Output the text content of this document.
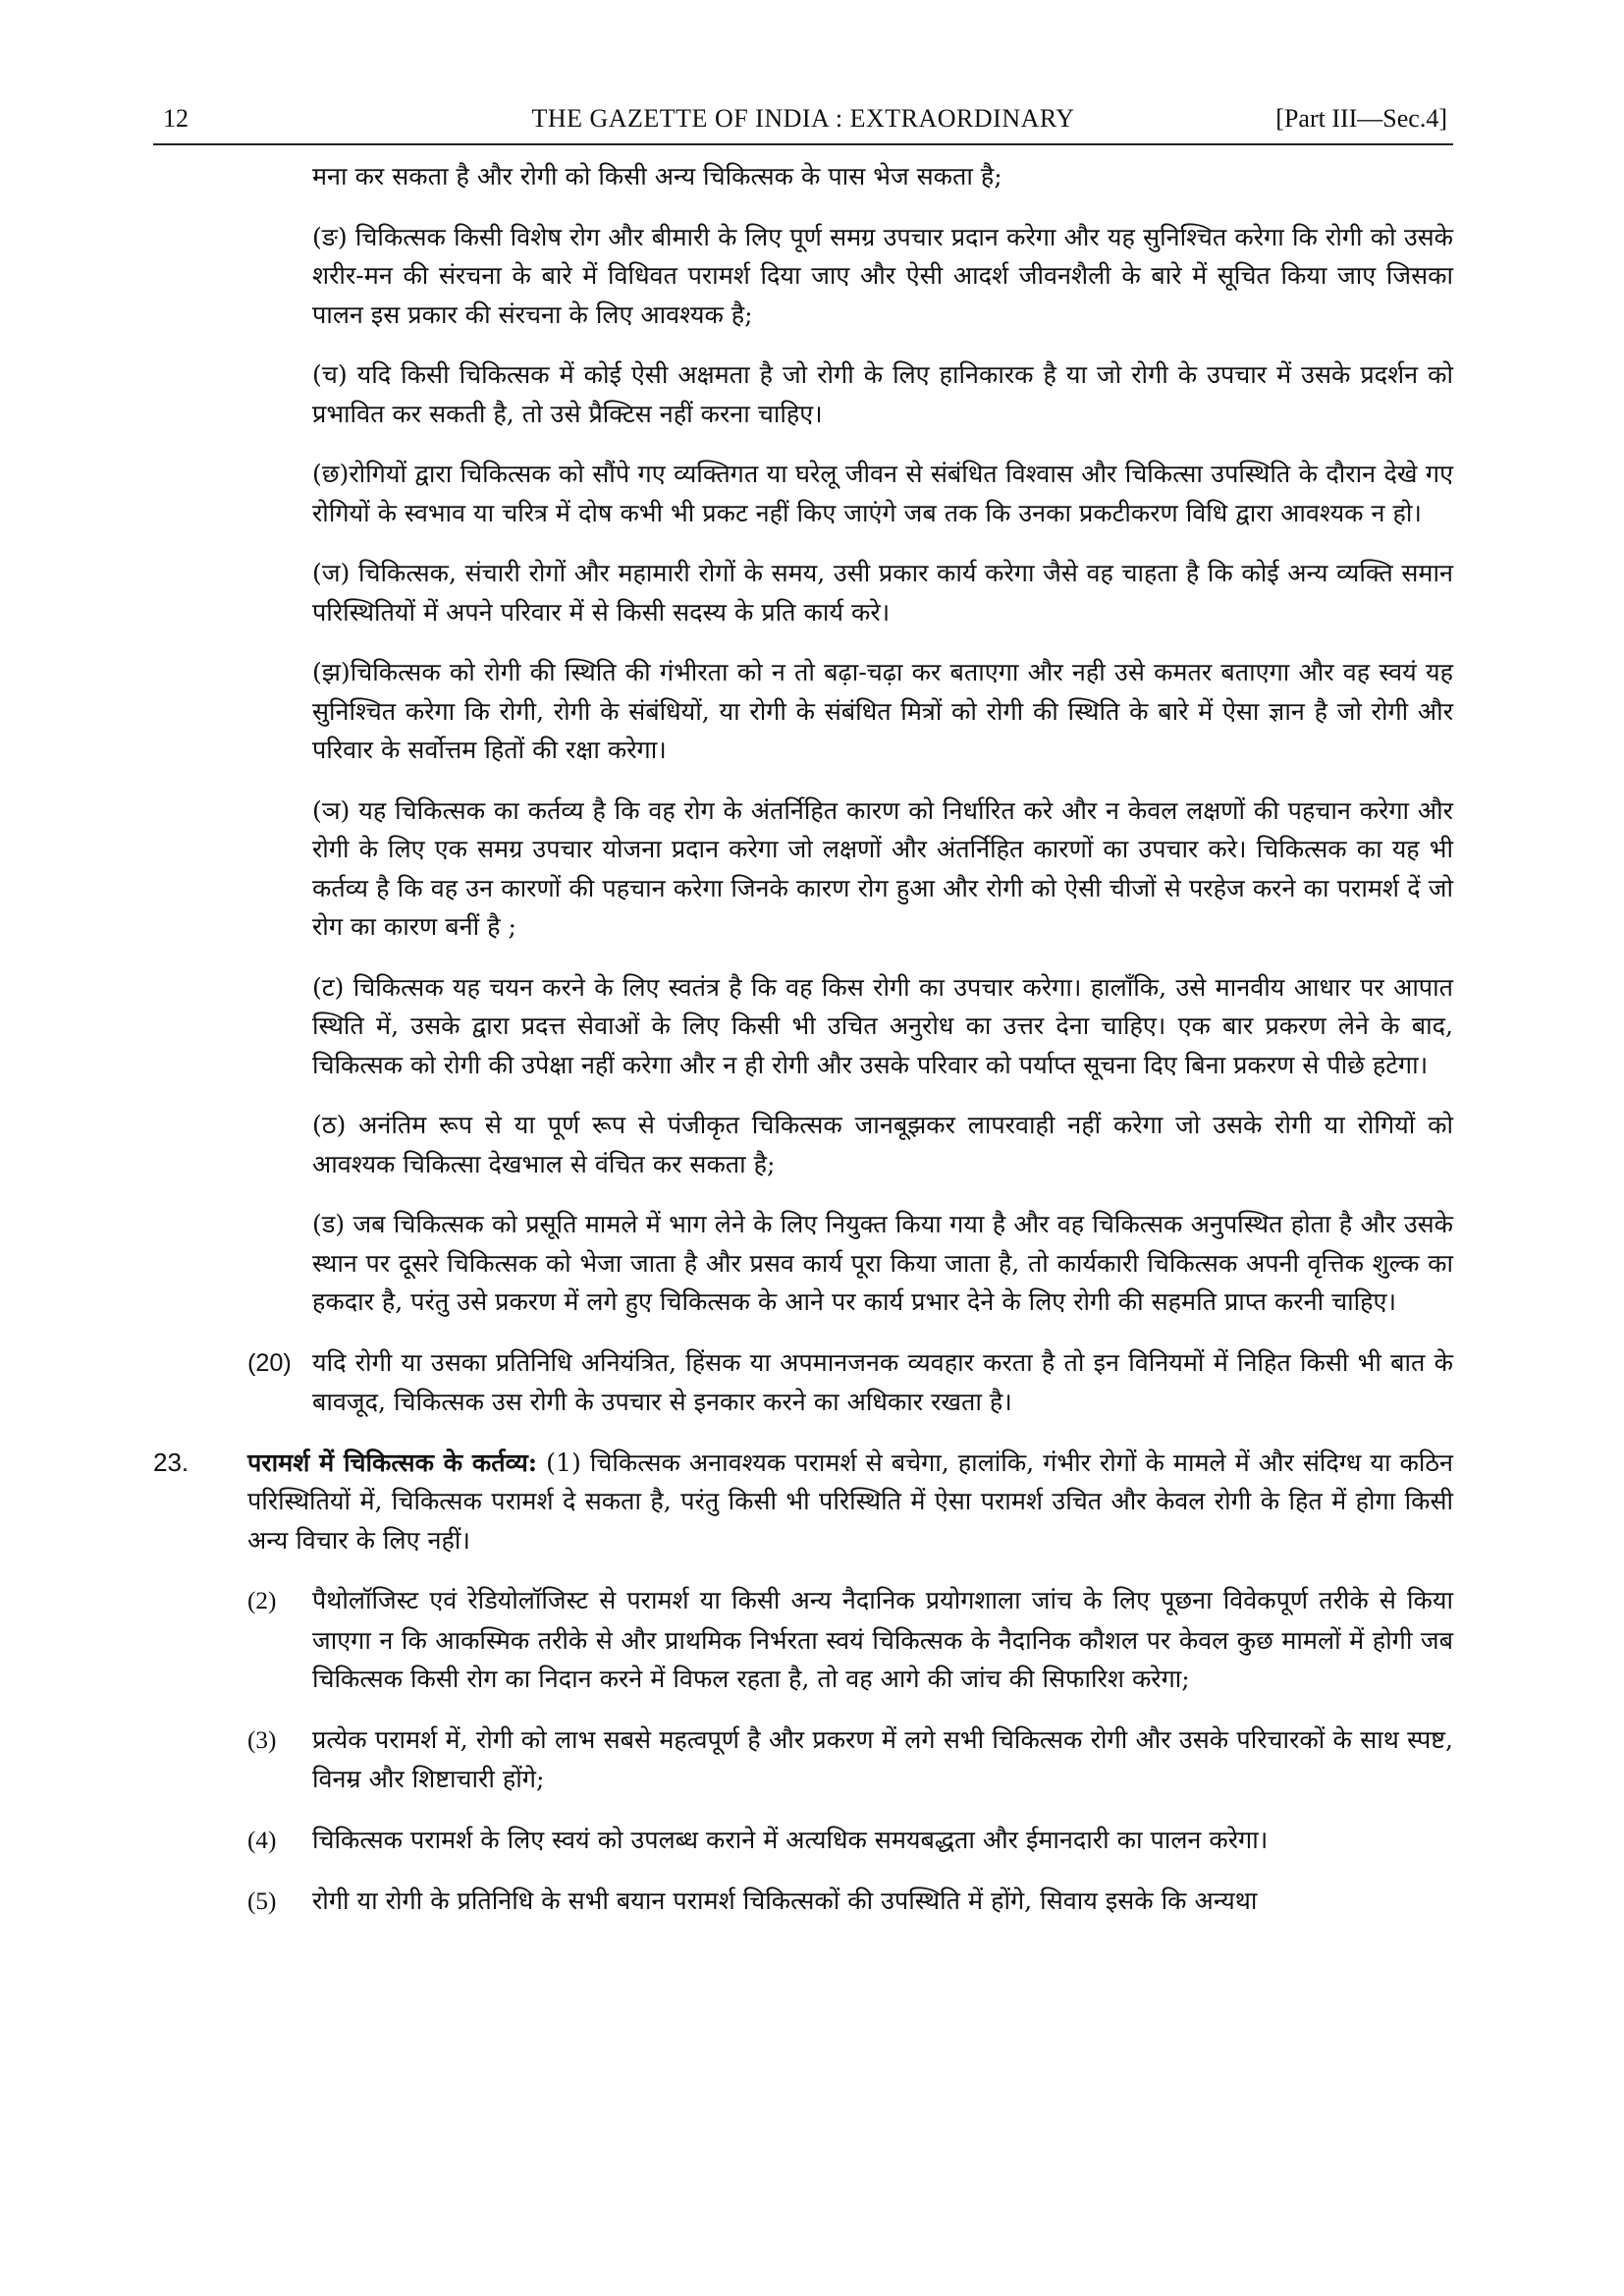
12	THE GAZETTE OF INDIA : EXTRAORDINARY	[Part III—Sec.4]

मना कर सकता है और रोगी को किसी अन्य चिकित्सक के पास भेज सकता है;

(ङ) चिकित्सक किसी विशेष रोग और बीमारी के लिए पूर्ण समग्र उपचार प्रदान करेगा और यह सुनिश्चित करेगा कि रोगी को उसके शरीर-मन की संरचना के बारे में विधिवत परामर्श दिया जाए और ऐसी आदर्श जीवनशैली के बारे में सूचित किया जाए जिसका पालन इस प्रकार की संरचना के लिए आवश्यक है;

(च) यदि किसी चिकित्सक में कोई ऐसी अक्षमता है जो रोगी के लिए हानिकारक है या जो रोगी के उपचार में उसके प्रदर्शन को प्रभावित कर सकती है, तो उसे प्रैक्टिस नहीं करना चाहिए।

(छ)रोगियों द्वारा चिकित्सक को सौंपे गए व्यक्तिगत या घरेलू जीवन से संबंधित विश्वास और चिकित्सा उपस्थिति के दौरान देखे गए रोगियों के स्वभाव या चरित्र में दोष कभी भी प्रकट नहीं किए जाएंगे जब तक कि उनका प्रकटीकरण विधि द्वारा आवश्यक न हो।

(ज) चिकित्सक, संचारी रोगों और महामारी रोगों के समय, उसी प्रकार कार्य करेगा जैसे वह चाहता है कि कोई अन्य व्यक्ति समान परिस्थितियों में अपने परिवार में से किसी सदस्य के प्रति कार्य करे।

(झ)चिकित्सक को रोगी की स्थिति की गंभीरता को न तो बढ़ा-चढ़ा कर बताएगा और नही उसे कमतर बताएगा और वह स्वयं यह सुनिश्चित करेगा कि रोगी, रोगी के संबंधियों, या रोगी के संबंधित मित्रों को रोगी की स्थिति के बारे में ऐसा ज्ञान है जो रोगी और परिवार के सर्वोत्तम हितों की रक्षा करेगा।

(ञ) यह चिकित्सक का कर्तव्य है कि वह रोग के अंतर्निहित कारण को निर्धारित करे और न केवल लक्षणों की पहचान करेगा और रोगी के लिए एक समग्र उपचार योजना प्रदान करेगा जो लक्षणों और अंतर्निहित कारणों का उपचार करे। चिकित्सक का यह भी कर्तव्य है कि वह उन कारणों की पहचान करेगा जिनके कारण रोग हुआ और रोगी को ऐसी चीजों से परहेज करने का परामर्श दें जो रोग का कारण बनीं है ;

(ट) चिकित्सक यह चयन करने के लिए स्वतंत्र है कि वह किस रोगी का उपचार करेगा। हालाँकि, उसे मानवीय आधार पर आपात स्थिति में, उसके द्वारा प्रदत्त सेवाओं के लिए किसी भी उचित अनुरोध का उत्तर देना चाहिए। एक बार प्रकरण लेने के बाद, चिकित्सक को रोगी की उपेक्षा नहीं करेगा और न ही रोगी और उसके परिवार को पर्याप्त सूचना दिए बिना प्रकरण से पीछे हटेगा।

(ठ) अनंतिम रूप से या पूर्ण रूप से पंजीकृत चिकित्सक जानबूझकर लापरवाही नहीं करेगा जो उसके रोगी या रोगियों को आवश्यक चिकित्सा देखभाल से वंचित कर सकता है;

(ड) जब चिकित्सक को प्रसूति मामले में भाग लेने के लिए नियुक्त किया गया है और वह चिकित्सक अनुपस्थित होता है और उसके स्थान पर दूसरे चिकित्सक को भेजा जाता है और प्रसव कार्य पूरा किया जाता है, तो कार्यकारी चिकित्सक अपनी वृत्तिक शुल्क का हकदार है, परंतु उसे प्रकरण में लगे हुए चिकित्सक के आने पर कार्य प्रभार देने के लिए रोगी की सहमति प्राप्त करनी चाहिए।

(20) यदि रोगी या उसका प्रतिनिधि अनियंत्रित, हिंसक या अपमानजनक व्यवहार करता है तो इन विनियमों में निहित किसी भी बात के बावजूद, चिकित्सक उस रोगी के उपचार से इनकार करने का अधिकार रखता है।

23. परामर्श में चिकित्सक के कर्तव्य: (1) चिकित्सक अनावश्यक परामर्श से बचेगा, हालांकि, गंभीर रोगों के मामले में और संदिग्ध या कठिन परिस्थितियों में, चिकित्सक परामर्श दे सकता है, परंतु किसी भी परिस्थिति में ऐसा परामर्श उचित और केवल रोगी के हित में होगा किसी अन्य विचार के लिए नहीं।

(2) पैथोलॉजिस्ट एवं रेडियोलॉजिस्ट से परामर्श या किसी अन्य नैदानिक प्रयोगशाला जांच के लिए पूछना विवेकपूर्ण तरीके से किया जाएगा न कि आकस्मिक तरीके से और प्राथमिक निर्भरता स्वयं चिकित्सक के नैदानिक कौशल पर केवल कुछ मामलों में होगी जब चिकित्सक किसी रोग का निदान करने में विफल रहता है, तो वह आगे की जांच की सिफारिश करेगा;

(3) प्रत्येक परामर्श में, रोगी को लाभ सबसे महत्वपूर्ण है और प्रकरण में लगे सभी चिकित्सक रोगी और उसके परिचारकों के साथ स्पष्ट, विनम्र और शिष्टाचारी होंगे;

(4) चिकित्सक परामर्श के लिए स्वयं को उपलब्ध कराने में अत्यधिक समयबद्धता और ईमानदारी का पालन करेगा।

(5) रोगी या रोगी के प्रतिनिधि के सभी बयान परामर्श चिकित्सकों की उपस्थिति में होंगे, सिवाय इसके कि अन्यथा
